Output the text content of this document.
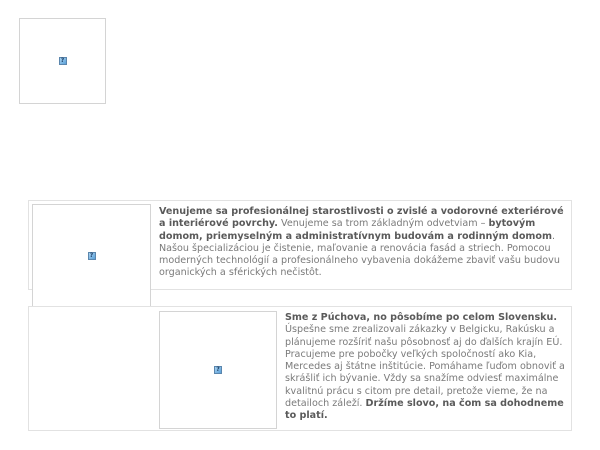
?
?

Venujeme sa profesionálnej starostlivosti o zvislé a vodorovné exteriérové a interiérové povrchy. Venujeme sa trom základným odvetviam – bytovým domom, priemyselným a administratívnym budovám a rodinným domom. Našou špecializáciou je čistenie, maľovanie a renovácia fasád a striech. Pomocou moderných technológií a profesionálneho vybavenia dokážeme zbaviť vašu budovu organických a sférických nečistôt.

?

Sme z Púchova, no pôsobíme po celom Slovensku. Úspešne sme zrealizovali zákazky v Belgicku, Rakúsku a plánujeme rozšíriť našu pôsobnosť aj do ďalších krajín EÚ. Pracujeme pre pobočky veľkých spoločností ako Kia, Mercedes aj štátne inštitúcie. Pomáhame ľuďom obnoviť a skrášliť ich bývanie. Vždy sa snažíme odviesť maximálne kvalitnú prácu s citom pre detail, pretože vieme, že na detailoch záleží. Držíme slovo, na čom sa dohodneme to platí.
